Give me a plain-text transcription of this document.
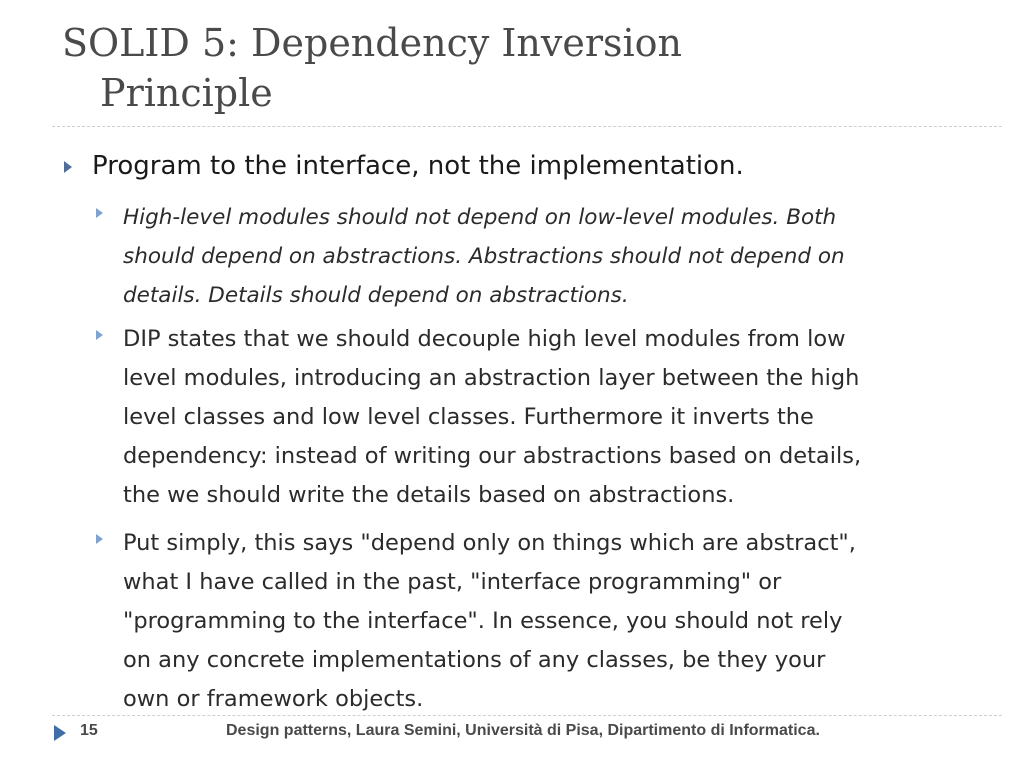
SOLID 5: Dependency Inversion
Principle
Program to the interface, not the implementation.
High-level modules should not depend on low-level modules. Both
should depend on abstractions. Abstractions should not depend on
details. Details should depend on abstractions.
DIP states that we should decouple high level modules from low
level modules, introducing an abstraction layer between the high
level classes and low level classes. Furthermore it inverts the
dependency: instead of writing our abstractions based on details,
the we should write the details based on abstractions.
Put simply, this says "depend only on things which are abstract",
what I have called in the past, "interface programming" or
"programming to the interface". In essence, you should not rely
on any concrete implementations of any classes, be they your
own or framework objects.
15	Design patterns, Laura Semini, Università di Pisa, Dipartimento di Informatica.
